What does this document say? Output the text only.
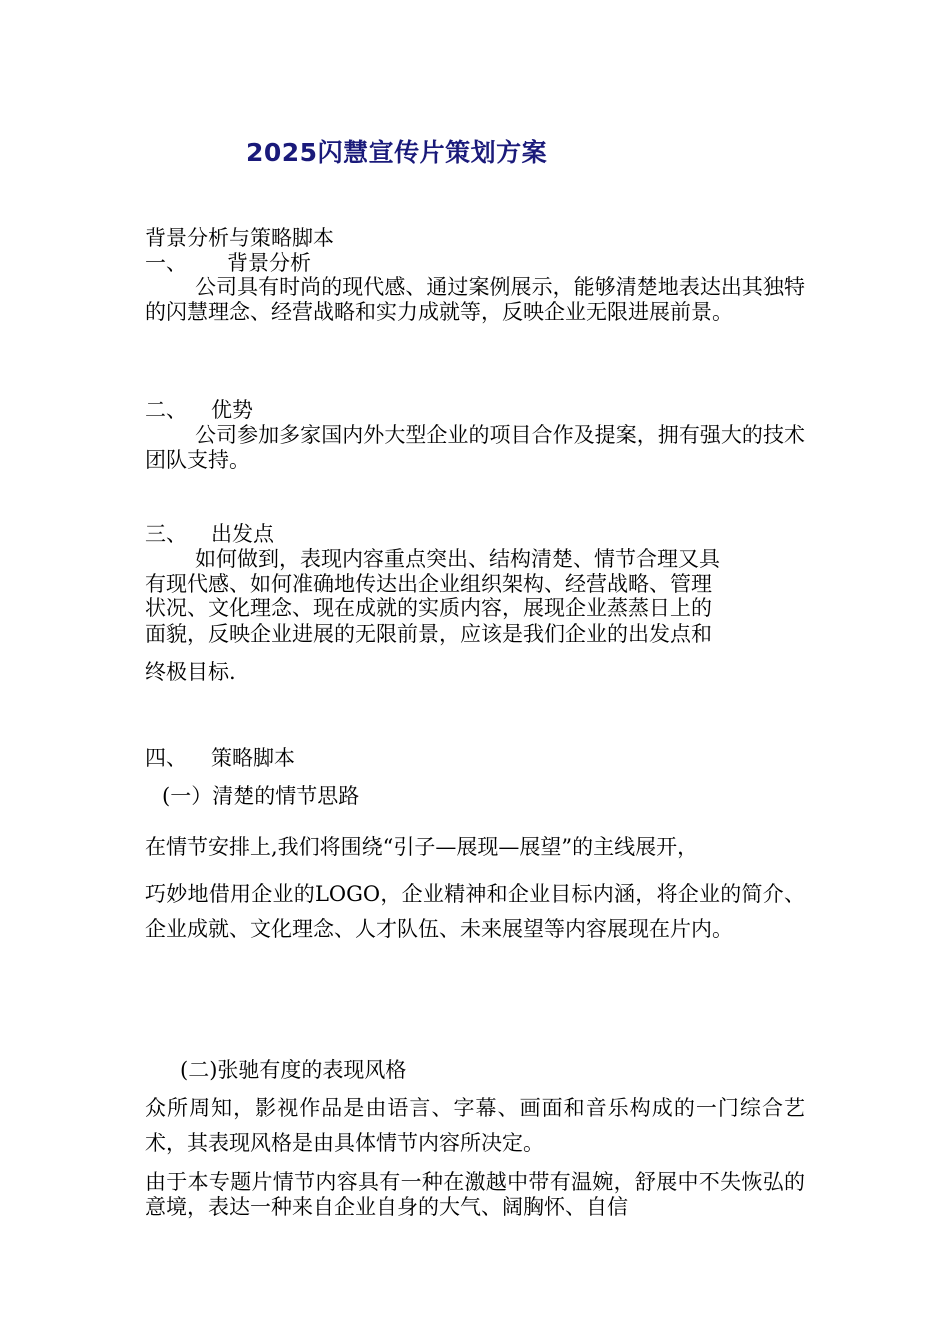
2025闪慧宣传片策划方案
背景分析与策略脚本
一、 背景分析

公司具有时尚的现代感、通过案例展示，能够清楚地表达出其独特的闪慧理念、经营战略和实力成就等，反映企业无限进展前景。

二、 优势

公司参加多家国内外大型企业的项目合作及提案，拥有强大的技术团队支持。

三、 出发点
如何做到，表现内容重点突出、结构清楚、情节合理又具
有现代感、如何准确地传达出企业组织架构、经营战略、管理
状况、文化理念、现在成就的实质内容，展现企业蒸蒸日上的
面貌，反映企业进展的无限前景，应该是我们企业的出发点和
终极目标.
四、 策略脚本
(一）清楚的情节思路
在情节安排上,我们将围绕“引子—展现—展望”的主线展开，

巧妙地借用企业的LOGO，企业精神和企业目标内涵，将企业的简介、企业成就、文化理念、人才队伍、未来展望等内容展现在片内。

(二)张驰有度的表现风格

众所周知，影视作品是由语言、字幕、画面和音乐构成的一门综合艺术，其表现风格是由具体情节内容所决定。

由于本专题片情节内容具有一种在激越中带有温婉，舒展中不失恢弘的意境，表达一种来自企业自身的大气、阔胸怀、自信
